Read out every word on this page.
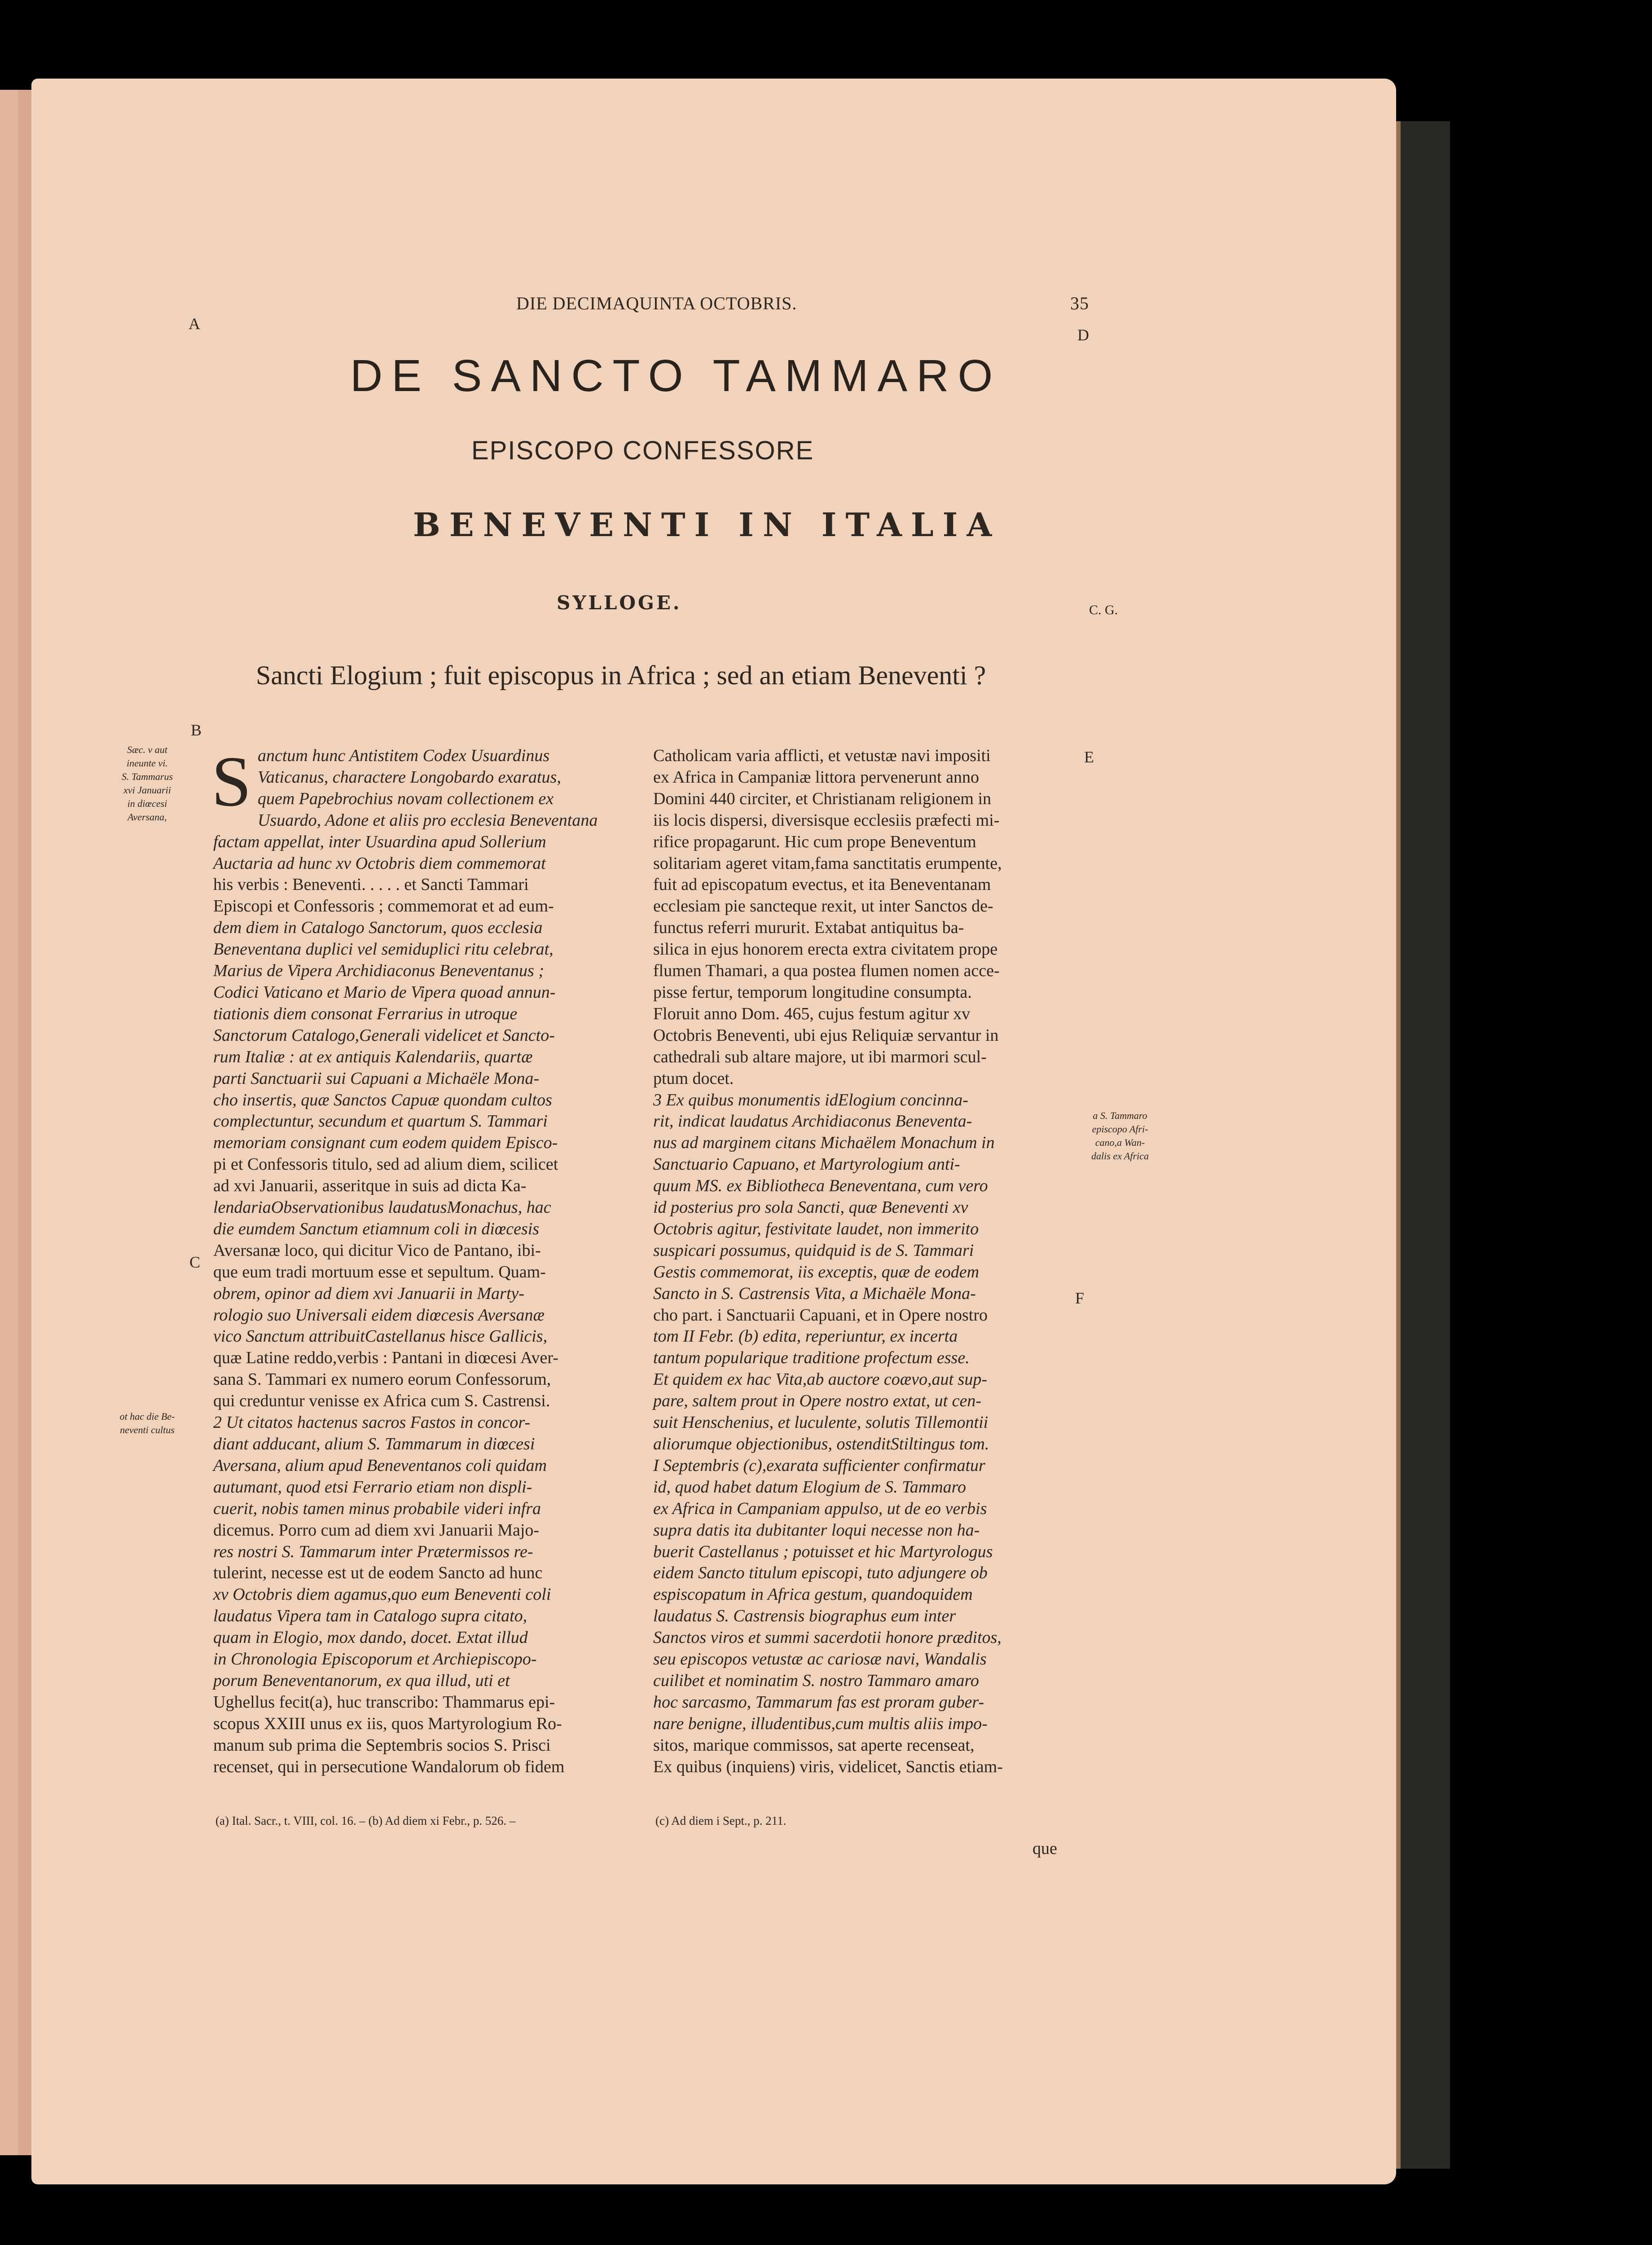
A
DIE DECIMAQUINTA OCTOBRIS.	35
D
DE SANCTO TAMMARO
EPISCOPO CONFESSORE
BENEVENTI IN ITALIA
SYLLOGE.	C. G.
Sancti Elogium ; fuit episcopus in Africa ; sed an etiam Beneventi ?
B
C
E
F
Sæc. v aut
ineunte vi.
S. Tammarus
xvi Januarii
in diœcesi
Aversana,
ot hac die Be-
neventi cultus
a S. Tammaro
episcopo Afri-
cano,a Wan-
dalis ex Africa
S anctum hunc Antistitem Codex Usuardinus
Vaticanus, charactere Longobardo exaratus,
quem Papebrochius novam collectionem ex
Usuardo, Adone et aliis pro ecclesia Beneventana
factam appellat, inter Usuardina apud Sollerium
Auctaria ad hunc xv Octobris diem commemorat
his verbis : Beneventi. . . . . et Sancti Tammari
Episcopi et Confessoris ; commemorat et ad eum-
dem diem in Catalogo Sanctorum, quos ecclesia
Beneventana duplici vel semiduplici ritu celebrat,
Marius de Vipera Archidiaconus Beneventanus ;
Codici Vaticano et Mario de Vipera quoad annun-
tiationis diem consonat Ferrarius in utroque
Sanctorum Catalogo,Generali videlicet et Sancto-
rum Italiæ : at ex antiquis Kalendariis, quartæ
parti Sanctuarii sui Capuani a Michaële Mona-
cho insertis, quæ Sanctos Capuæ quondam cultos
complectuntur, secundum et quartum S. Tammari
memoriam consignant cum eodem quidem Episco-
pi et Confessoris titulo, sed ad alium diem, scilicet
ad xvi Januarii, asseritque in suis ad dicta Ka-
lendariaObservationibus laudatusMonachus, hac
die eumdem Sanctum etiamnum coli in diœcesis
Aversanæ loco, qui dicitur Vico de Pantano, ibi-
que eum tradi mortuum esse et sepultum. Quam-
obrem, opinor ad diem xvi Januarii in Marty-
rologio suo Universali eidem diœcesis Aversanæ
vico Sanctum attribuitCastellanus hisce Gallicis,
quæ Latine reddo,verbis : Pantani in diœcesi Aver-
sana S. Tammari ex numero eorum Confessorum,
qui creduntur venisse ex Africa cum S. Castrensi.
2 Ut citatos hactenus sacros Fastos in concor-
diant adducant, alium S. Tammarum in diœcesi
Aversana, alium apud Beneventanos coli quidam
autumant, quod etsi Ferrario etiam non displi-
cuerit, nobis tamen minus probabile videri infra
dicemus. Porro cum ad diem xvi Januarii Majo-
res nostri S. Tammarum inter Prætermissos re-
tulerint, necesse est ut de eodem Sancto ad hunc
xv Octobris diem agamus,quo eum Beneventi coli
laudatus Vipera tam in Catalogo supra citato,
quam in Elogio, mox dando, docet. Extat illud
in Chronologia Episcoporum et Archiepiscopo-
porum Beneventanorum, ex qua illud, uti et
Ughellus fecit(a), huc transcribo: Thammarus epi-
scopus XXIII unus ex iis, quos Martyrologium Ro-
manum sub prima die Septembris socios S. Prisci
recenset, qui in persecutione Wandalorum ob fidem
Catholicam varia afflicti, et vetustæ navi impositi
ex Africa in Campaniæ littora pervenerunt anno
Domini 440 circiter, et Christianam religionem in
iis locis dispersi, diversisque ecclesiis præfecti mi-
rifice propagarunt. Hic cum prope Beneventum
solitariam ageret vitam,fama sanctitatis erumpente,
fuit ad episcopatum evectus, et ita Beneventanam
ecclesiam pie sancteque rexit, ut inter Sanctos de-
functus referri mururit. Extabat antiquitus ba-
silica in ejus honorem erecta extra civitatem prope
flumen Thamari, a qua postea flumen nomen acce-
pisse fertur, temporum longitudine consumpta.
Floruit anno Dom. 465, cujus festum agitur xv
Octobris Beneventi, ubi ejus Reliquiæ servantur in
cathedrali sub altare majore, ut ibi marmori scul-
ptum docet.
3 Ex quibus monumentis idElogium concinna-
rit, indicat laudatus Archidiaconus Beneventa-
nus ad marginem citans Michaëlem Monachum in
Sanctuario Capuano, et Martyrologium anti-
quum MS. ex Bibliotheca Beneventana, cum vero
id posterius pro sola Sancti, quæ Beneventi xv
Octobris agitur, festivitate laudet, non immerito
suspicari possumus, quidquid is de S. Tammari
Gestis commemorat, iis exceptis, quæ de eodem
Sancto in S. Castrensis Vita, a Michaële Mona-
cho part. i Sanctuarii Capuani, et in Opere nostro
tom II Febr. (b) edita, reperiuntur, ex incerta
tantum popularique traditione profectum esse.
Et quidem ex hac Vita,ab auctore coævo,aut sup-
pare, saltem prout in Opere nostro extat, ut cen-
suit Henschenius, et luculente, solutis Tillemontii
aliorumque objectionibus, ostenditStiltingus tom.
I Septembris (c),exarata sufficienter confirmatur
id, quod habet datum Elogium de S. Tammaro
ex Africa in Campaniam appulso, ut de eo verbis
supra datis ita dubitanter loqui necesse non ha-
buerit Castellanus ; potuisset et hic Martyrologus
eidem Sancto titulum episcopi, tuto adjungere ob
espiscopatum in Africa gestum, quandoquidem
laudatus S. Castrensis biographus eum inter
Sanctos viros et summi sacerdotii honore præditos,
seu episcopos vetustæ ac cariosæ navi, Wandalis
cuilibet et nominatim S. nostro Tammaro amaro
hoc sarcasmo, Tammarum fas est proram guber-
nare benigne, illudentibus,cum multis aliis impo-
sitos, marique commissos, sat aperte recenseat,
Ex quibus (inquiens) viris, videlicet, Sanctis etiam-
(a) Ital. Sacr., t. VIII, col. 16. – (b) Ad diem xi Febr., p. 526. –	(c) Ad diem i Sept., p. 211.
que
